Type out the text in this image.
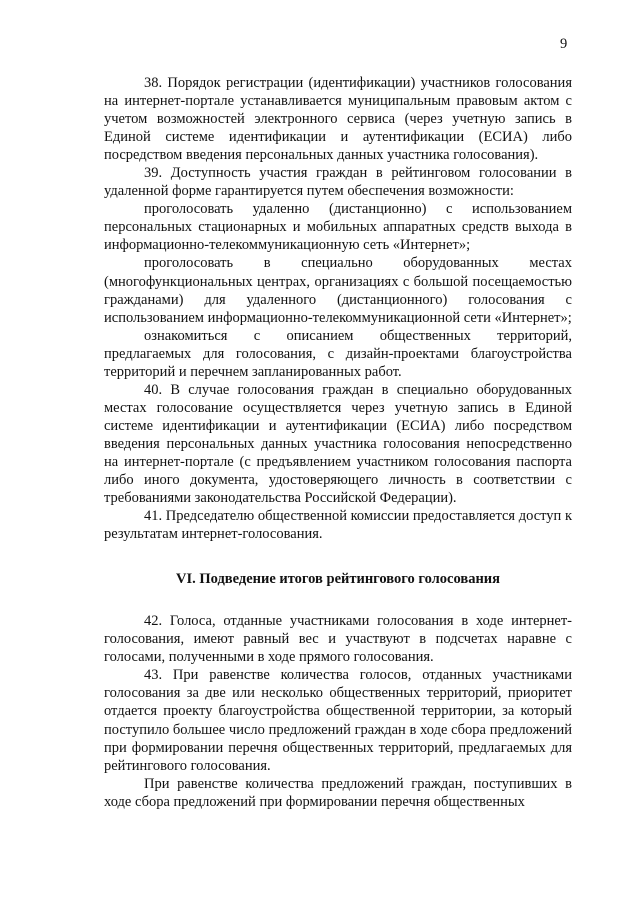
9

38. Порядок регистрации (идентификации) участников голосования на интернет-портале устанавливается муниципальным правовым актом с учетом возможностей электронного сервиса (через учетную запись в Единой системе идентификации и аутентификации (ЕСИА) либо посредством введения персональных данных участника голосования).

39. Доступность участия граждан в рейтинговом голосовании в удаленной форме гарантируется путем обеспечения возможности:

проголосовать удаленно (дистанционно) с использованием персональных стационарных и мобильных аппаратных средств выхода в информационно-телекоммуникационную сеть «Интернет»;

проголосовать в специально оборудованных местах (многофункциональных центрах, организациях с большой посещаемостью гражданами) для удаленного (дистанционного) голосования с использованием информационно-телекоммуникационной сети «Интернет»;

ознакомиться с описанием общественных территорий, предлагаемых для голосования, с дизайн-проектами благоустройства территорий и перечнем запланированных работ.

40. В случае голосования граждан в специально оборудованных местах голосование осуществляется через учетную запись в Единой системе идентификации и аутентификации (ЕСИА) либо посредством введения персональных данных участника голосования непосредственно на интернет-портале (с предъявлением участником голосования паспорта либо иного документа, удостоверяющего личность в соответствии с требованиями законодательства Российской Федерации).

41. Председателю общественной комиссии предоставляется доступ к результатам интернет-голосования.

VI. Подведение итогов рейтингового голосования

42. Голоса, отданные участниками голосования в ходе интернет-голосования, имеют равный вес и участвуют в подсчетах наравне с голосами, полученными в ходе прямого голосования.

43. При равенстве количества голосов, отданных участниками голосования за две или несколько общественных территорий, приоритет отдается проекту благоустройства общественной территории, за который поступило большее число предложений граждан в ходе сбора предложений при формировании перечня общественных территорий, предлагаемых для рейтингового голосования.

При равенстве количества предложений граждан, поступивших в ходе сбора предложений при формировании перечня общественных
